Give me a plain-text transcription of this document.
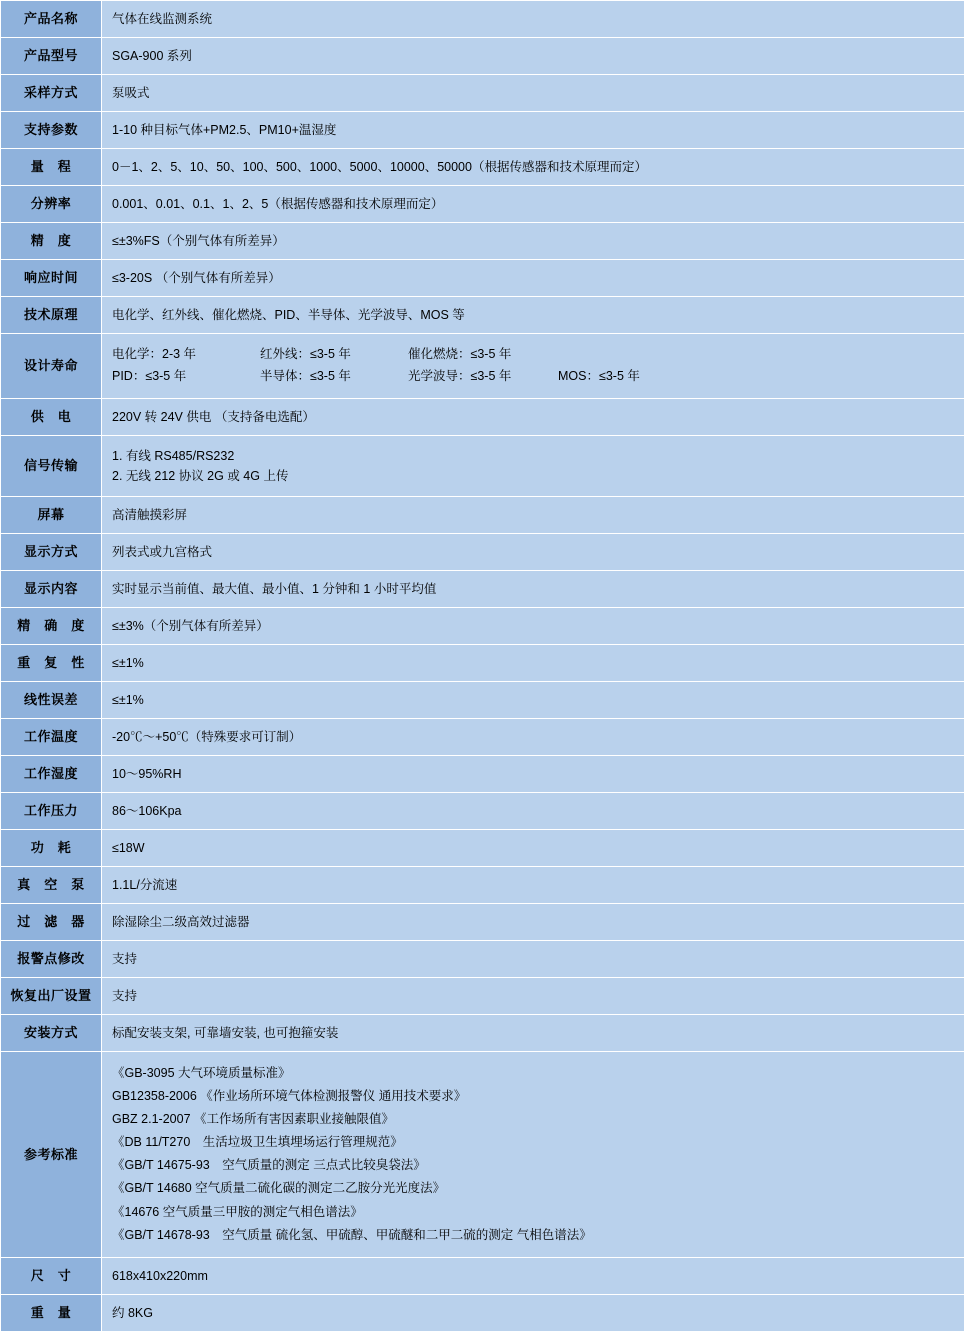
产品名称	气体在线监测系统
产品型号	SGA-900 系列
采样方式	泵吸式
支持参数	1-10 种目标气体+PM2.5、PM10+温湿度
量　程	0－1、2、5、10、50、100、500、1000、5000、10000、50000（根据传感器和技术原理而定）
分辨率	0.001、0.01、0.1、1、2、5（根据传感器和技术原理而定）
精　度	≤±3%FS（个别气体有所差异）
响应时间	≤3-20S （个别气体有所差异）
技术原理	电化学、红外线、催化燃烧、PID、半导体、光学波导、MOS 等
设计寿命	电化学：2-3 年 红外线：≤3-5 年 催化燃烧：≤3-5 年
PID：≤3-5 年 半导体：≤3-5 年 光学波导：≤3-5 年 MOS：≤3-5 年

供　电	220V 转 24V 供电 （支持备电选配）
信号传输	1. 有线 RS485/RS232
2. 无线 212 协议 2G 或 4G 上传

屏幕	高清触摸彩屏
显示方式	列表式或九宫格式
显示内容	实时显示当前值、最大值、最小值、1 分钟和 1 小时平均值
精　确　度	≤±3%（个别气体有所差异）
重　复　性	≤±1%
线性误差	≤±1%
工作温度	-20℃～+50℃（特殊要求可订制）
工作湿度	10～95%RH
工作压力	86～106Kpa
功　耗	≤18W
真　空　泵	1.1L/分流速
过　滤　器	除湿除尘二级高效过滤器
报警点修改	支持
恢复出厂设置	支持
安装方式	标配安装支架, 可靠墙安装, 也可抱箍安装
参考标准	
《GB-3095 大气环境质量标准》
GB12358-2006 《作业场所环境气体检测报警仪 通用技术要求》
GBZ 2.1-2007 《工作场所有害因素职业接触限值》
《DB 11/T270　生活垃圾卫生填埋场运行管理规范》
《GB/T 14675-93　空气质量的测定 三点式比较臭袋法》
《GB/T 14680 空气质量二硫化碳的测定二乙胺分光光度法》
《14676 空气质量三甲胺的测定气相色谱法》
《GB/T 14678-93　空气质量 硫化氢、甲硫醇、甲硫醚和二甲二硫的测定 气相色谱法》

尺　寸	618x410x220mm
重　量	约 8KG
